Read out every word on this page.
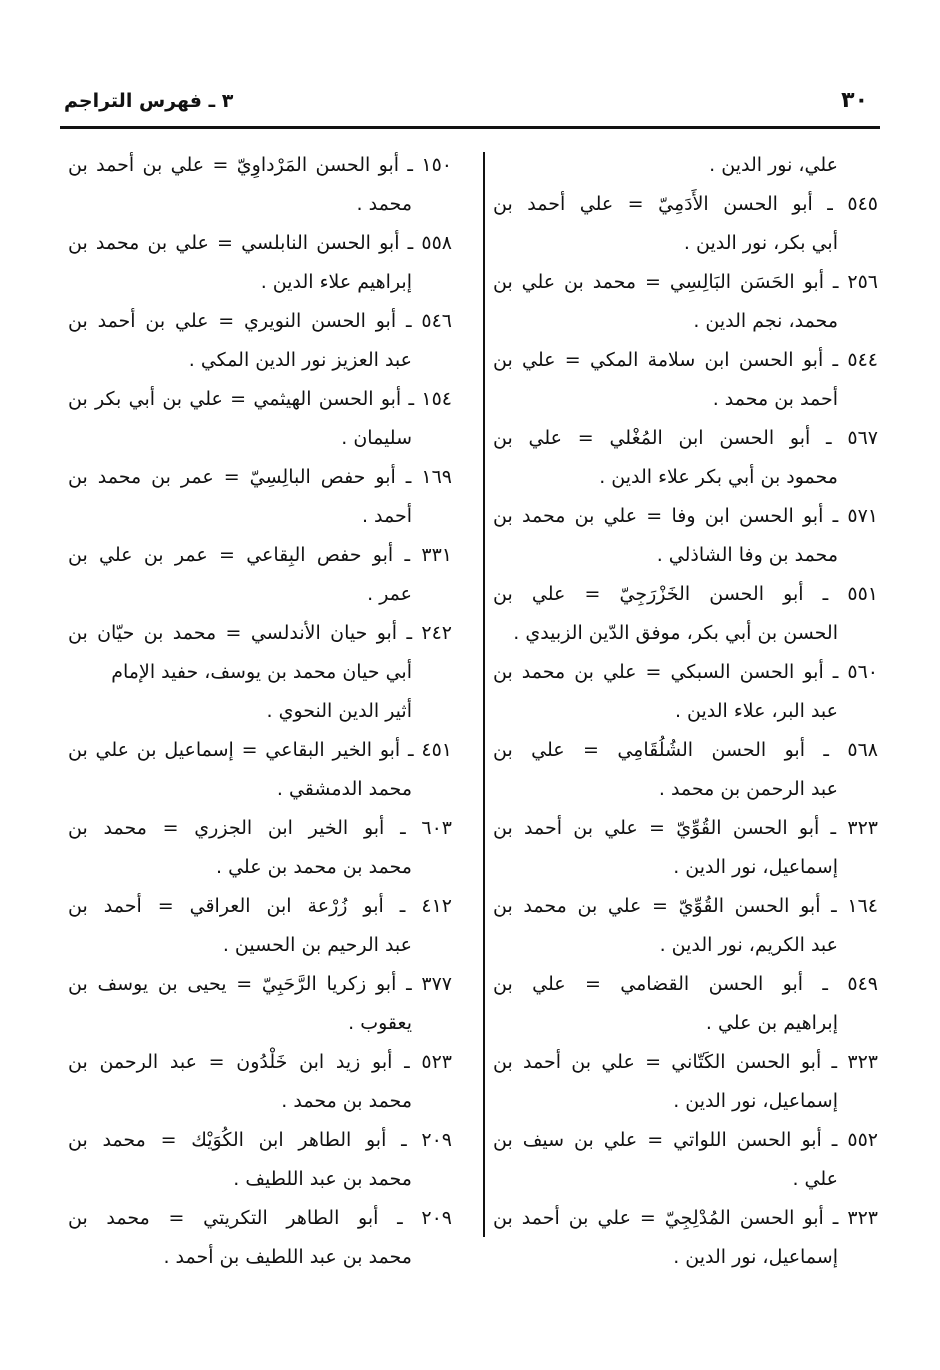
٣٠
٣ ـ فهرس التراجم
علي، نور الدين .

٥٤٥ ـ أبو الحسن الأَدَمِيّ = علي أحمد بن
أبي بكر، نور الدين .

٢٥٦ ـ أبو الحَسَن البَالِسِي = محمد بن علي بن
محمد، نجم الدين .

٥٤٤ ـ أبو الحسن ابن سلامة المكي = علي بن
أحمد بن محمد .

٥٦٧ ـ أبو الحسن ابن المُغْلي = علي بن
محمود بن أبي بكر علاء الدين .

٥٧١ ـ أبو الحسن ابن وفا = علي بن محمد بن
محمد بن وفا الشاذلي .

٥٥١ ـ أبو الحسن الخَزْرَجِيّ = علي بن
الحسن بن أبي بكر، موفق الدّين الزبيدي .

٥٦٠ ـ أبو الحسن السبكي = علي بن محمد بن
عبد البر، علاء الدين .

٥٦٨ ـ أبو الحسن الشُلُقَامِي = علي بن
عبد الرحمن بن محمد .

٣٢٣ ـ أبو الحسن القُوِّيّ = علي بن أحمد بن
إسماعيل، نور الدين .

١٦٤ ـ أبو الحسن القُوِّيّ = علي بن محمد بن
عبد الكريم، نور الدين .

٥٤٩ ـ أبو الحسن القضامي = علي بن
إبراهيم بن علي .

٣٢٣ ـ أبو الحسن الكَتّاني = علي بن أحمد بن
إسماعيل، نور الدين .

٥٥٢ ـ أبو الحسن اللواتي = علي بن سيف بن
علي .

٣٢٣ ـ أبو الحسن المُدْلِجِيّ = علي بن أحمد بن
إسماعيل، نور الدين .

١٥٠ ـ أبو الحسن المَرْداوِيّ = علي بن أحمد بن
محمد .

٥٥٨ ـ أبو الحسن النابلسي = علي بن محمد بن
إبراهيم علاء الدين .

٥٤٦ ـ أبو الحسن النويري = علي بن أحمد بن
عبد العزيز نور الدين المكي .

١٥٤ ـ أبو الحسن الهيثمي = علي بن أبي بكر بن
سليمان .

١٦٩ ـ أبو حفص البالِسِيّ = عمر بن محمد بن
أحمد .

٣٣١ ـ أبو حفص البِقاعي = عمر بن علي بن
عمر .

٢٤٢ ـ أبو حيان الأندلسي = محمد بن حيّان بن
أبي حيان محمد بن يوسف، حفيد الإمام
أثير الدين النحوي .

٤٥١ ـ أبو الخير البقاعي = إسماعيل بن علي بن
محمد الدمشقي .

٦٠٣ ـ أبو الخير ابن الجزري = محمد بن
محمد بن محمد بن علي .

٤١٢ ـ أبو زُرْعة ابن العراقي = أحمد بن
عبد الرحيم بن الحسين .

٣٧٧ ـ أبو زكريا الرَّحَبِيّ = يحيى بن يوسف بن
يعقوب .

٥٢٣ ـ أبو زيد ابن خَلْدُون = عبد الرحمن بن
محمد بن محمد .

٢٠٩ ـ أبو الطاهر ابن الكُوَيْك = محمد بن
محمد بن عبد اللطيف .

٢٠٩ ـ أبو الطاهر التكريتي = محمد بن
محمد بن عبد اللطيف بن أحمد .
